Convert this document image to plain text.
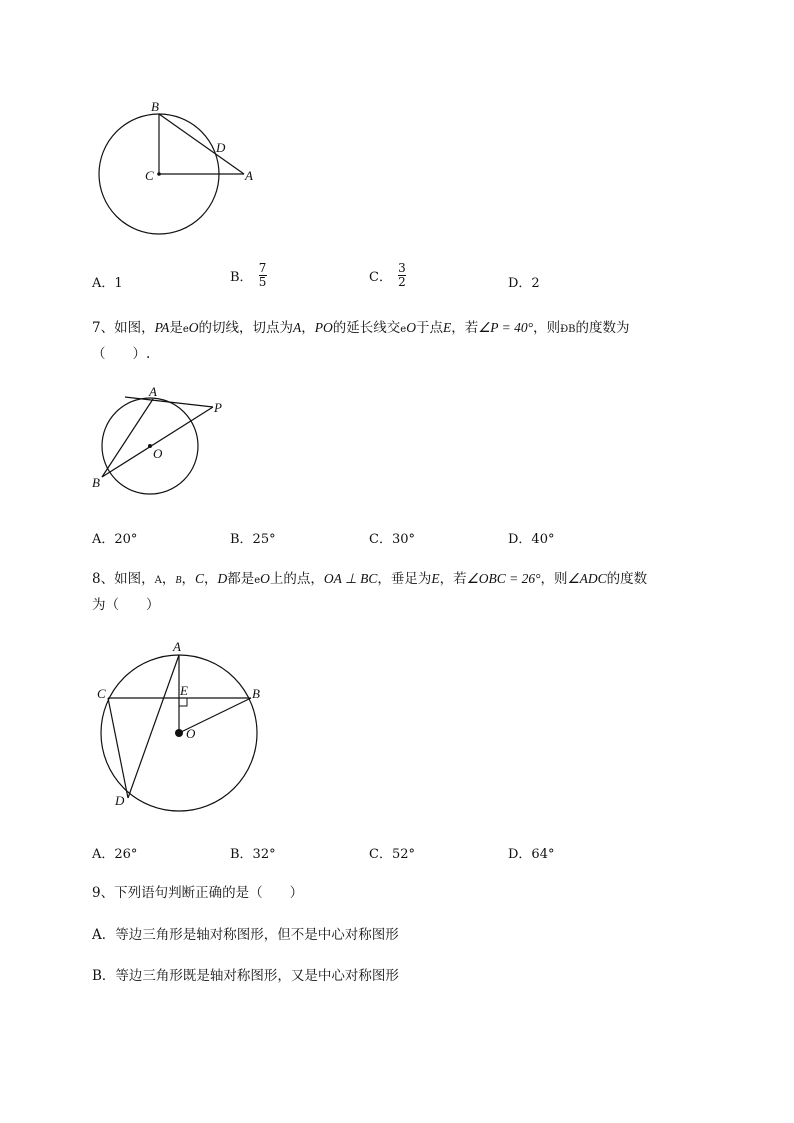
B
C
D
A
A．1	B． $\frac{7}{5}$	C． $\frac{3}{2}$	D．2
7、如图，PA是eO的切线，切点为A，PO的延长线交eO于点E，若∠P = 40°，则ÐB的度数为
（　　）.
A
P
O
B
A．20°	B．25°	C．30°	D．40°
8、如图，A，B，C，D都是eO上的点，OA ⊥ BC，垂足为E，若∠OBC = 26°，则∠ADC的度数
为（　　）
A
C	E	B
O
D
A．26°	B．32°	C．52°	D．64°
9、下列语句判断正确的是（　　）
A．等边三角形是轴对称图形，但不是中心对称图形
B．等边三角形既是轴对称图形，又是中心对称图形
